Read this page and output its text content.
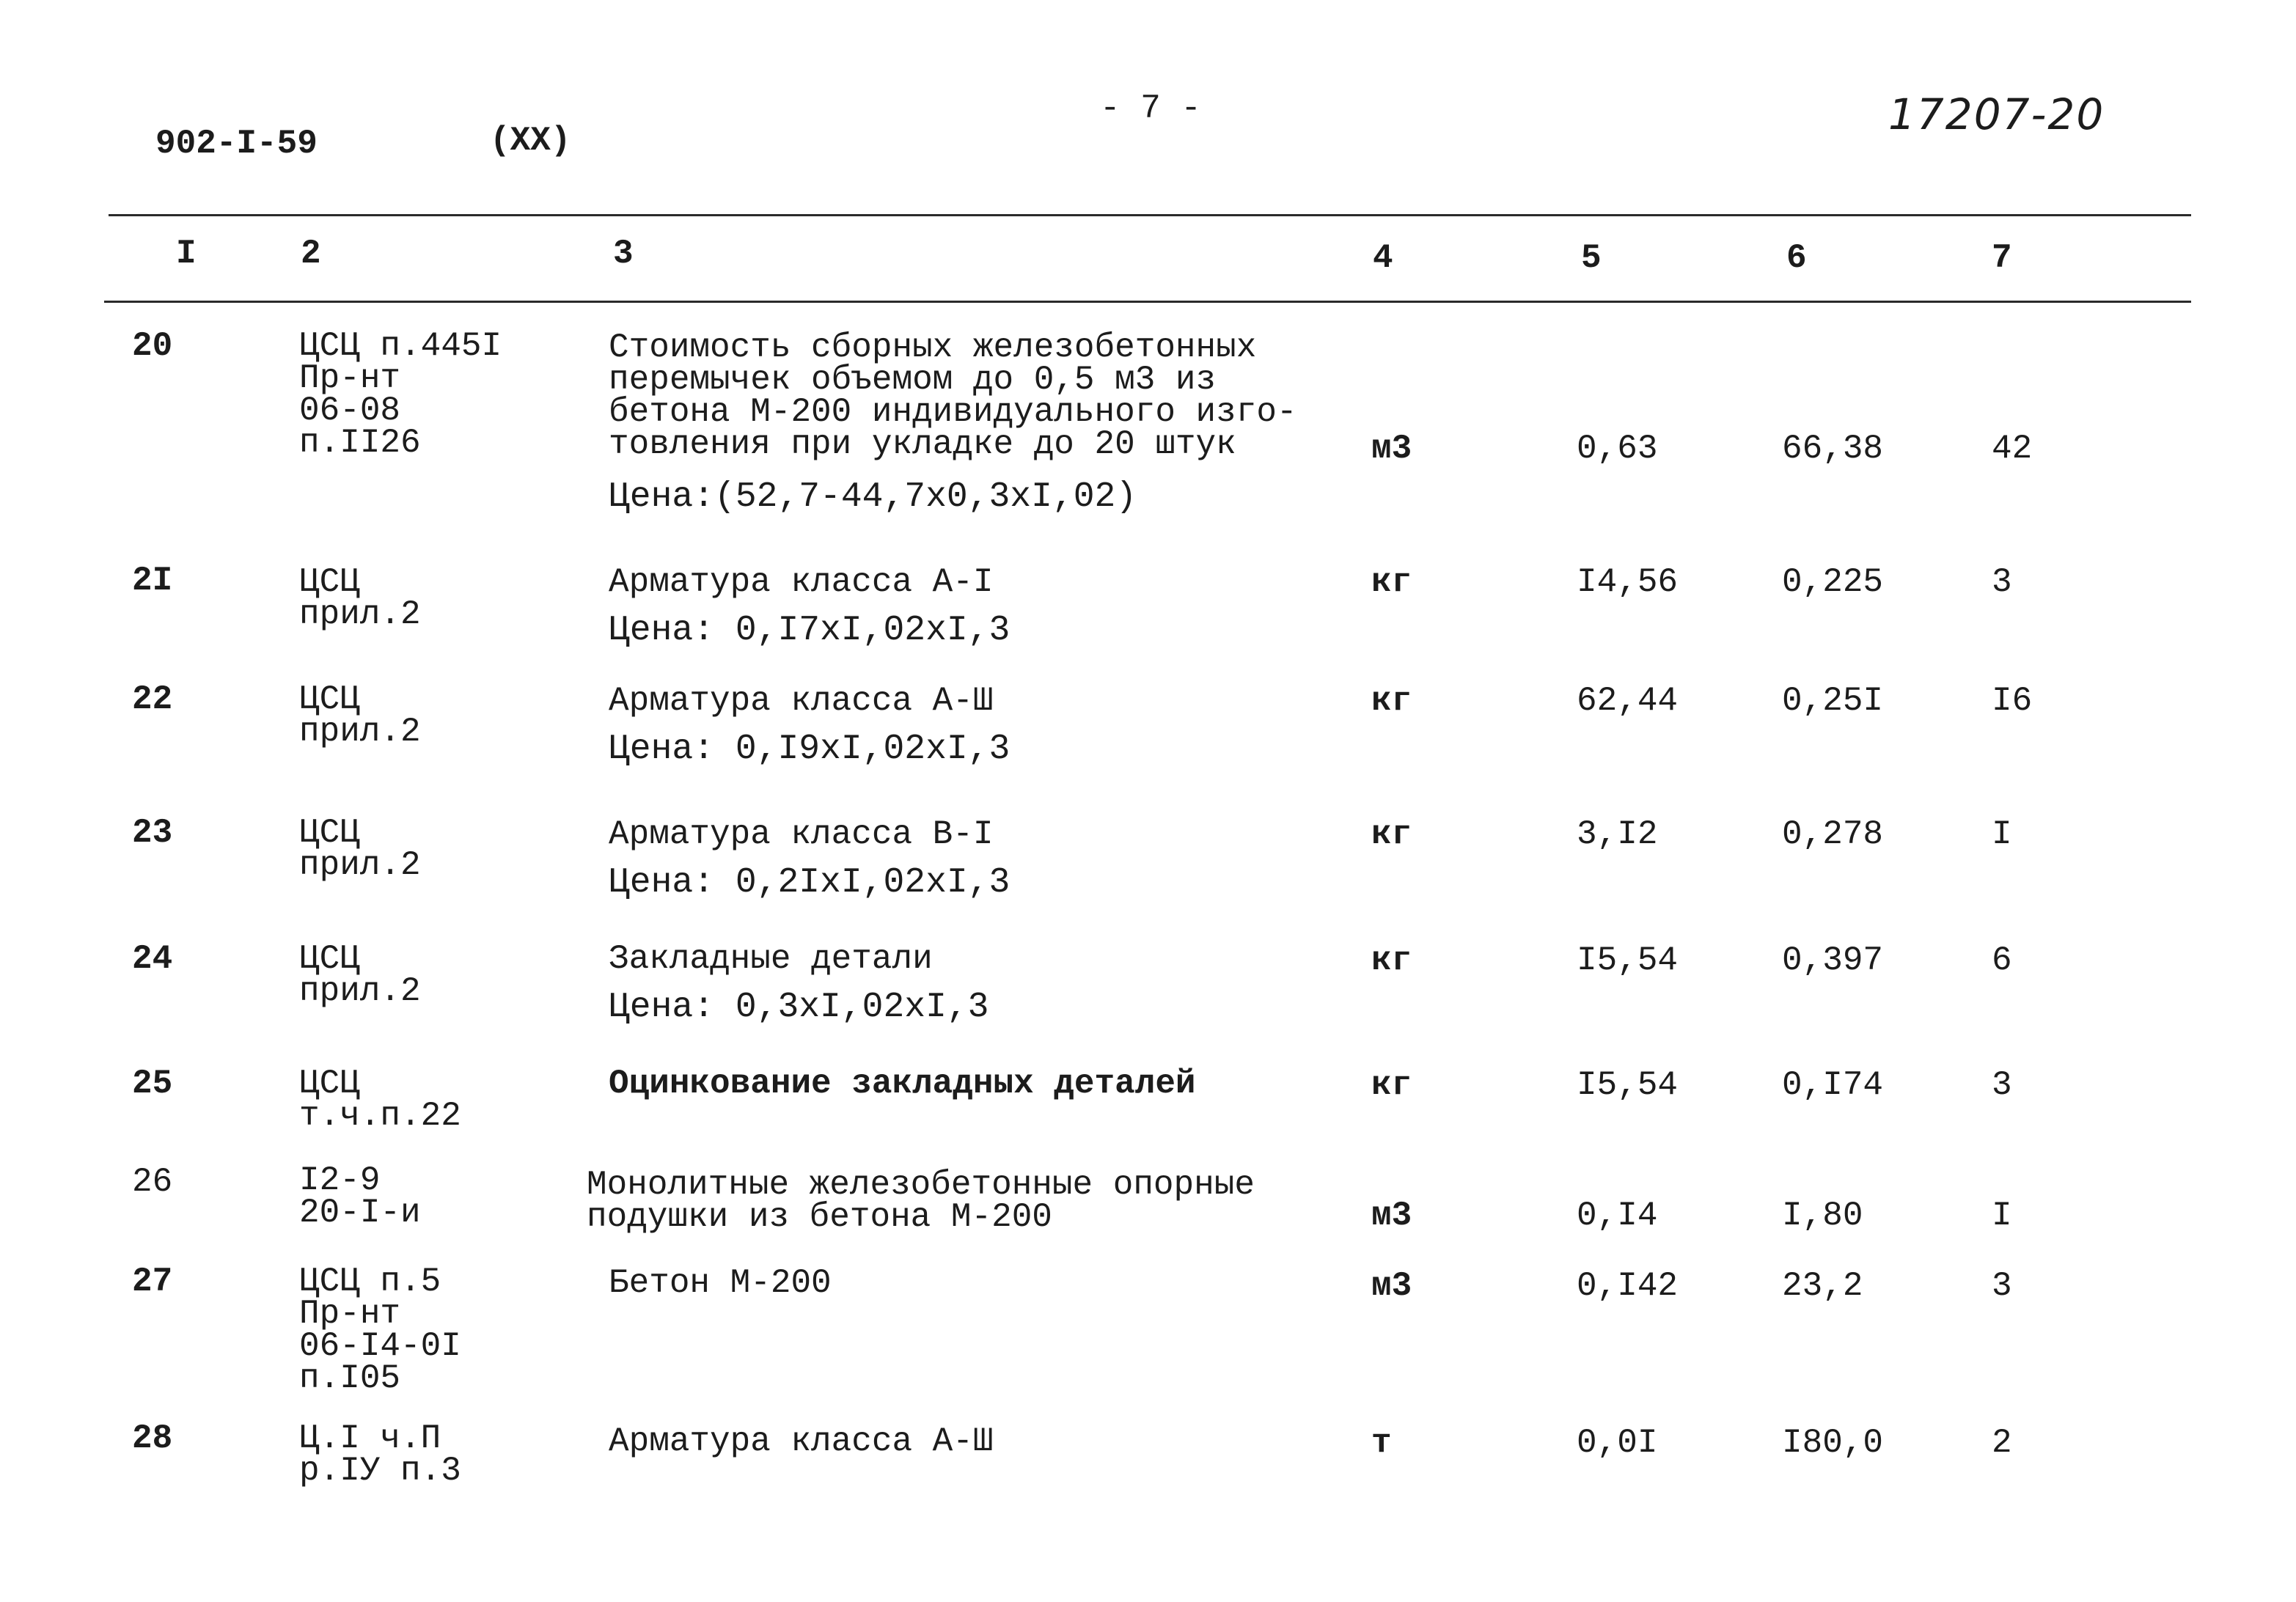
902-I-59	(XX)
- 7 -	17207-20
I	2	3	4	5	6	7
20	ЦСЦ п.445I
Пр-нт
06-08
п.II26
Стоимость сборных железобетонных
перемычек объемом до 0,5 м3 из
бетона М-200 индивидуального изго-
товления при укладке до 20 штук
Цена:(52,7-44,7x0,3xI,02)
м3	0,63	66,38	42
2I	ЦСЦ
прил.2
Арматура класса А-I
Цена: 0,I7xI,02xI,3
кг	I4,56	0,225	3
22	ЦСЦ
прил.2
Арматура класса А-Ш
Цена: 0,I9xI,02xI,3
кг	62,44	0,25I	I6
23	ЦСЦ
прил.2
Арматура класса В-I
Цена: 0,2IxI,02xI,3
кг	3,I2	0,278	I
24	ЦСЦ
прил.2
Закладные детали
Цена: 0,3xI,02xI,3
кг	I5,54	0,397	6
25	ЦСЦ
т.ч.п.22
Оцинкование закладных деталей	кг	I5,54	0,I74	3
26	I2-9
20-I-и
Монолитные железобетонные опорные
подушки из бетона М-200	м3	0,I4	I,80	I
27	ЦСЦ п.5
Пр-нт
06-I4-0I
п.I05
Бетон М-200	м3	0,I42	23,2	3
28	Ц.I ч.П
р.IУ п.3
Арматура класса А-Ш	т	0,0I	I80,0	2
